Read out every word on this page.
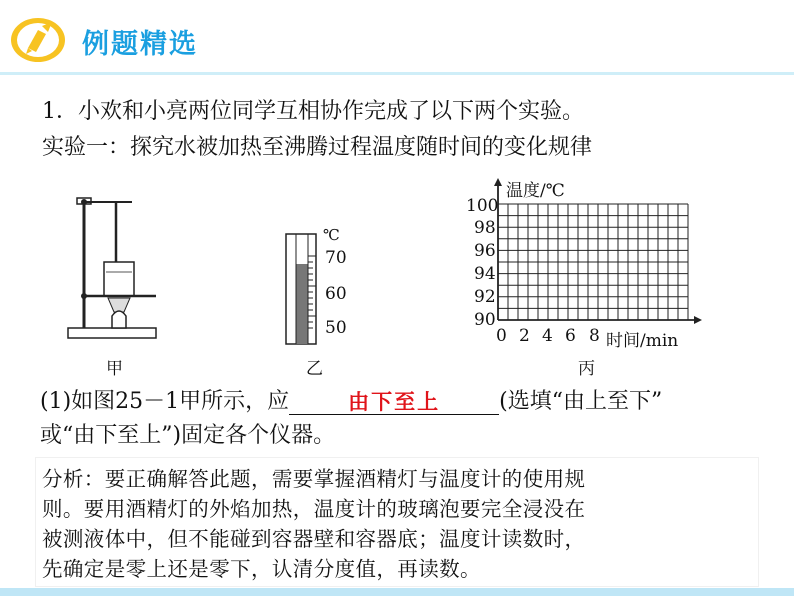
例题精选
1．小欢和小亮两位同学互相协作完成了以下两个实验。
实验一：探究水被加热至沸腾过程温度随时间的变化规律
甲
℃
70
60
50
乙
温度/℃
100
98
96
94
92
90
0 2 4 6 8 时间/min
丙
(1)如图25－1甲所示，应	由下至上	(选填“由上至下”
或“由下至上”)固定各个仪器。
分析：要正确解答此题，需要掌握酒精灯与温度计的使用规
则。要用酒精灯的外焰加热，温度计的玻璃泡要完全浸没在
被测液体中，但不能碰到容器壁和容器底；温度计读数时，
先确定是零上还是零下，认清分度值，再读数。
